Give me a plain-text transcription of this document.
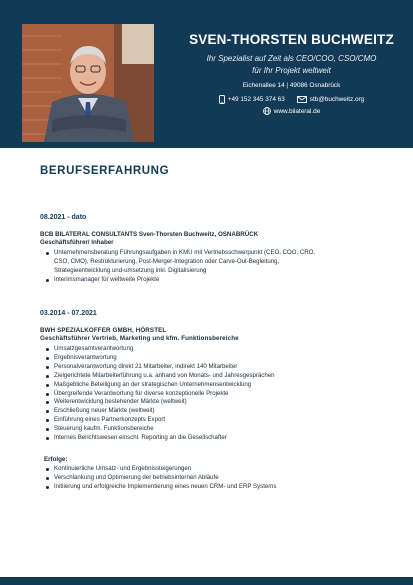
SVEN-THORSTEN BUCHWEITZ
Ihr Spezialist auf Zeit als CEO/COO, CSO/CMO
für Ihr Projekt weltweit
Eichenallee 14 | 49086 Osnabrück
+49 152 345 374 63	stb@buchweitz.org
www.bilateral.de
BERUFSERFAHRUNG
08.2021 - dato
BCB BILATERAL CONSULTANTS Sven-Thorsten Buchweitz, OSNABRÜCK
Geschäftsführer/ Inhaber
Unternehmensberatung Führungsaufgaben in KMU mit Vertriebsschwerpunkt (CEO, COO, CRO,
CSO, CMO), Restrukturierung, Post-Merger-Integration oder Carve-Out-Begleitung,
Strategieentwicklung und-umsetzung inkl. Digitalisierung
Interimsmanager für weltweite Projekte
03.2014 - 07.2021
BWH SPEZIALKOFFER GMBH, HÖRSTEL
Geschäftsführer Vertrieb, Marketing und kfm. Funktionsbereiche
Umsatzgesamtverantwortung
Ergebnisverantwortung
Personalverantwortung direkt 21 Mitarbeiter, indirekt 140 Mitarbeiter
Zielgerichtete Mitarbeiterführung u.a. anhand von Monats- und Jahresgesprächen
Maßgebliche Beteiligung an der strategischen Unternehmensentwicklung
Übergreifende Verantwortung für diverse konzeptionelle Projekte
Weiterentwicklung bestehender Märkte (weltweit)
Erschließung neuer Märkte (weltweit)
Einführung eines Partnerkonzepts Export
Steuerung kaufm. Funktionsbereiche
Internes Berichtswesen einschl. Reporting an die Gesellschafter
Erfolge:
Kontinuierliche Umsatz- und Ergebnissteigerungen
Verschlankung und Optimierung der betriebsinternen Abläufe
Initiierung und erfolgreiche Implementierung eines neuen CRM- und ERP Systems
